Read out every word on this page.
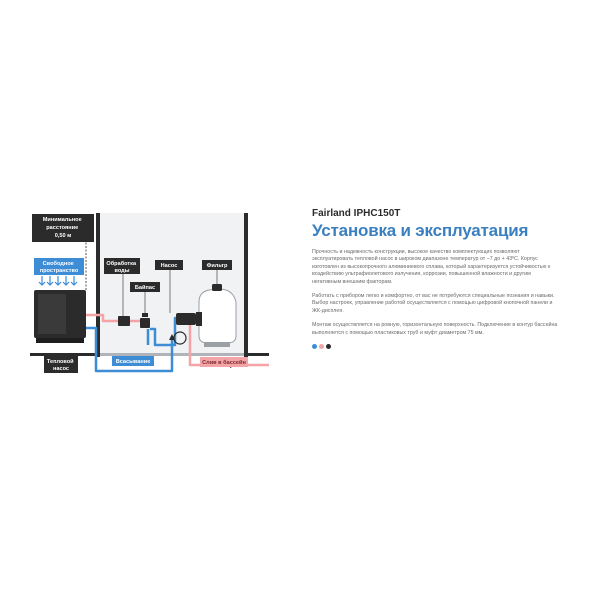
Минимальное расстояние 0,50 м
Свободное пространство
Обработка воды
Насос	Фильтр
Байпас
Тепловой насос
Всасывание	Слив в бассейн

Fairland IPHC150T

Установка и эксплуатация

Прочность и надежность конструкции, высокое качество комплектующих позволяют эксплуатировать тепловой насос в широком диапазоне температур от −7 до + 43ºС. Корпус изготовлен из высокопрочного алюминиевого сплава, который характеризуется устойчивостью к воздействию ультрафиолетового излучения, коррозии, повышенной влажности и другим негативным внешним факторам.

Работать с прибором легко и комфортно, от вас не потребуются специальные познания и навыки. Выбор настроек, управление работой осуществляется с помощью цифровой кнопочной панели и ЖК-дисплея.

Монтаж осуществляется на ровную, горизонтальную поверхность. Подключение в контур бассейна выполняется с помощью пластиковых труб и муфт диаметром 75 мм.
